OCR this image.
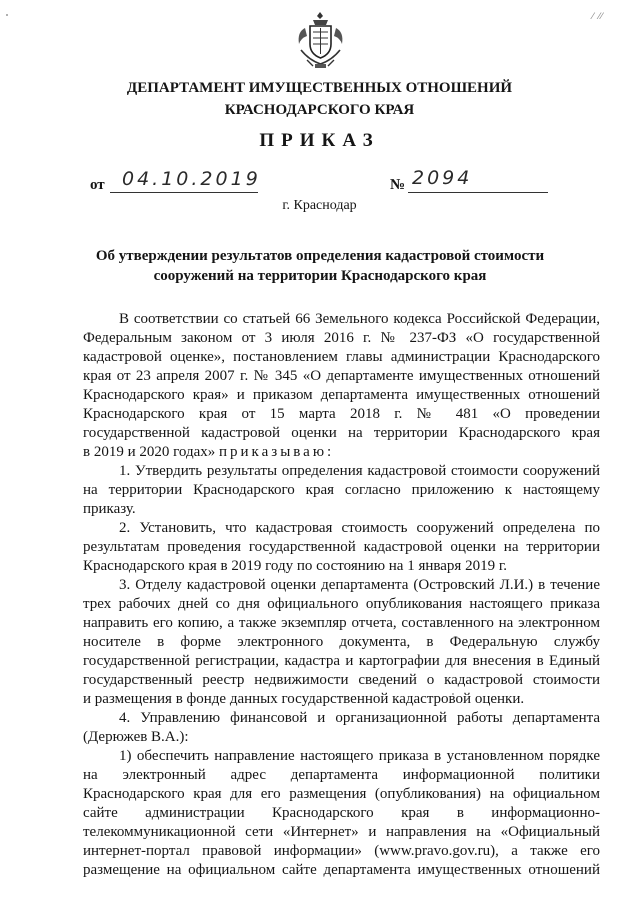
⁄ ⁄⁄
ДЕПАРТАМЕНТ ИМУЩЕСТВЕННЫХ ОТНОШЕНИЙ
КРАСНОДАРСКОГО КРАЯ
ПРИКАЗ
от 04.10.2019	№ 2094
г. Краснодар
Об утверждении результатов определения кадастровой стоимости
сооружений на территории Краснодарского края
В соответствии со статьей 66 Земельного кодекса Российской Федерации,
Федеральным законом от 3 июля 2016 г. № 237-ФЗ «О государственной
кадастровой оценке», постановлением главы администрации Краснодарского
края от 23 апреля 2007 г. № 345 «О департаменте имущественных отношений
Краснодарского края» и приказом департамента имущественных отношений
Краснодарского края от 15 марта 2018 г. № 481 «О проведении
государственной кадастровой оценки на территории Краснодарского края
в 2019 и 2020 годах» приказываю:
1. Утвердить результаты определения кадастровой стоимости сооружений
на территории Краснодарского края согласно приложению к настоящему
приказу.
2. Установить, что кадастровая стоимость сооружений определена по
результатам проведения государственной кадастровой оценки на территории
Краснодарского края в 2019 году по состоянию на 1 января 2019 г.
3. Отделу кадастровой оценки департамента (Островский Л.И.) в течение
трех рабочих дней со дня официального опубликования настоящего приказа
направить его копию, а также экземпляр отчета, составленного на электронном
носителе в форме электронного документа, в Федеральную службу
государственной регистрации, кадастра и картографии для внесения в Единый
государственный реестр недвижимости сведений о кадастровой стоимости
и размещения в фонде данных государственной кадастровой оценки.
4. Управлению финансовой и организационной работы департамента
(Дерюжев В.А.):
1) обеспечить направление настоящего приказа в установленном порядке
на электронный адрес департамента информационной политики
Краснодарского края для его размещения (опубликования) на официальном
сайте администрации Краснодарского края в информационно-
телекоммуникационной сети «Интернет» и направления на «Официальный
интернет-портал правовой информации» (www.pravo.gov.ru), а также его
размещение на официальном сайте департамента имущественных отношений
